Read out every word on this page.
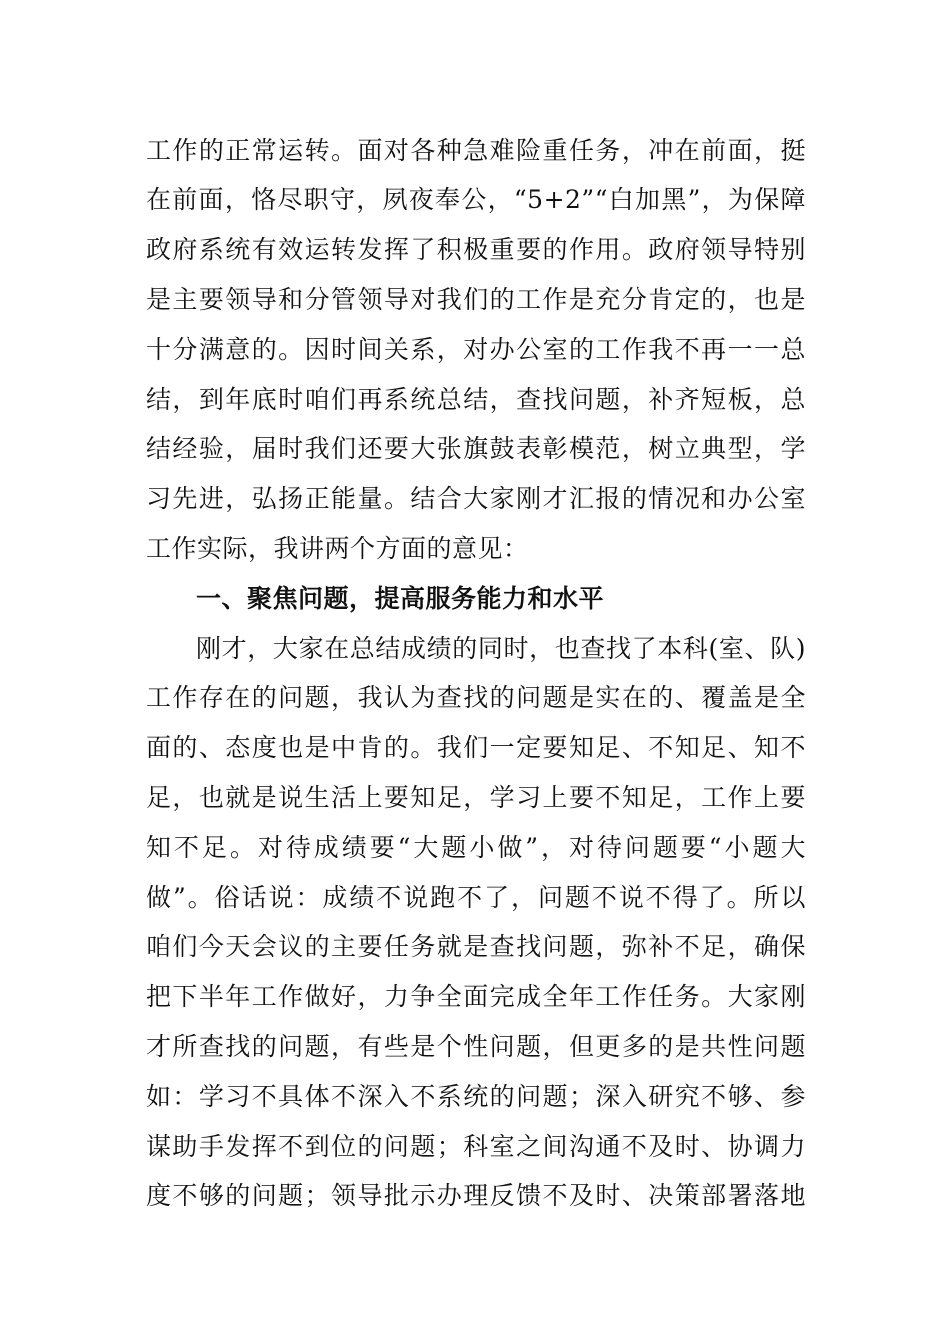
工作的正常运转。面对各种急难险重任务，冲在前面，挺
在前面，恪尽职守，夙夜奉公，“5+2”“白加黑”，为保障
政府系统有效运转发挥了积极重要的作用。政府领导特别
是主要领导和分管领导对我们的工作是充分肯定的，也是
十分满意的。因时间关系，对办公室的工作我不再一一总
结，到年底时咱们再系统总结，查找问题，补齐短板，总
结经验，届时我们还要大张旗鼓表彰模范，树立典型，学
习先进，弘扬正能量。结合大家刚才汇报的情况和办公室
工作实际，我讲两个方面的意见：
一、聚焦问题，提高服务能力和水平
刚才，大家在总结成绩的同时，也查找了本科(室、队)
工作存在的问题，我认为查找的问题是实在的、覆盖是全
面的、态度也是中肯的。我们一定要知足、不知足、知不
足，也就是说生活上要知足，学习上要不知足，工作上要
知不足。对待成绩要“大题小做”，对待问题要“小题大
做”。俗话说：成绩不说跑不了，问题不说不得了。所以
咱们今天会议的主要任务就是查找问题，弥补不足，确保
把下半年工作做好，力争全面完成全年工作任务。大家刚
才所查找的问题，有些是个性问题，但更多的是共性问题
如：学习不具体不深入不系统的问题；深入研究不够、参
谋助手发挥不到位的问题；科室之间沟通不及时、协调力
度不够的问题；领导批示办理反馈不及时、决策部署落地
